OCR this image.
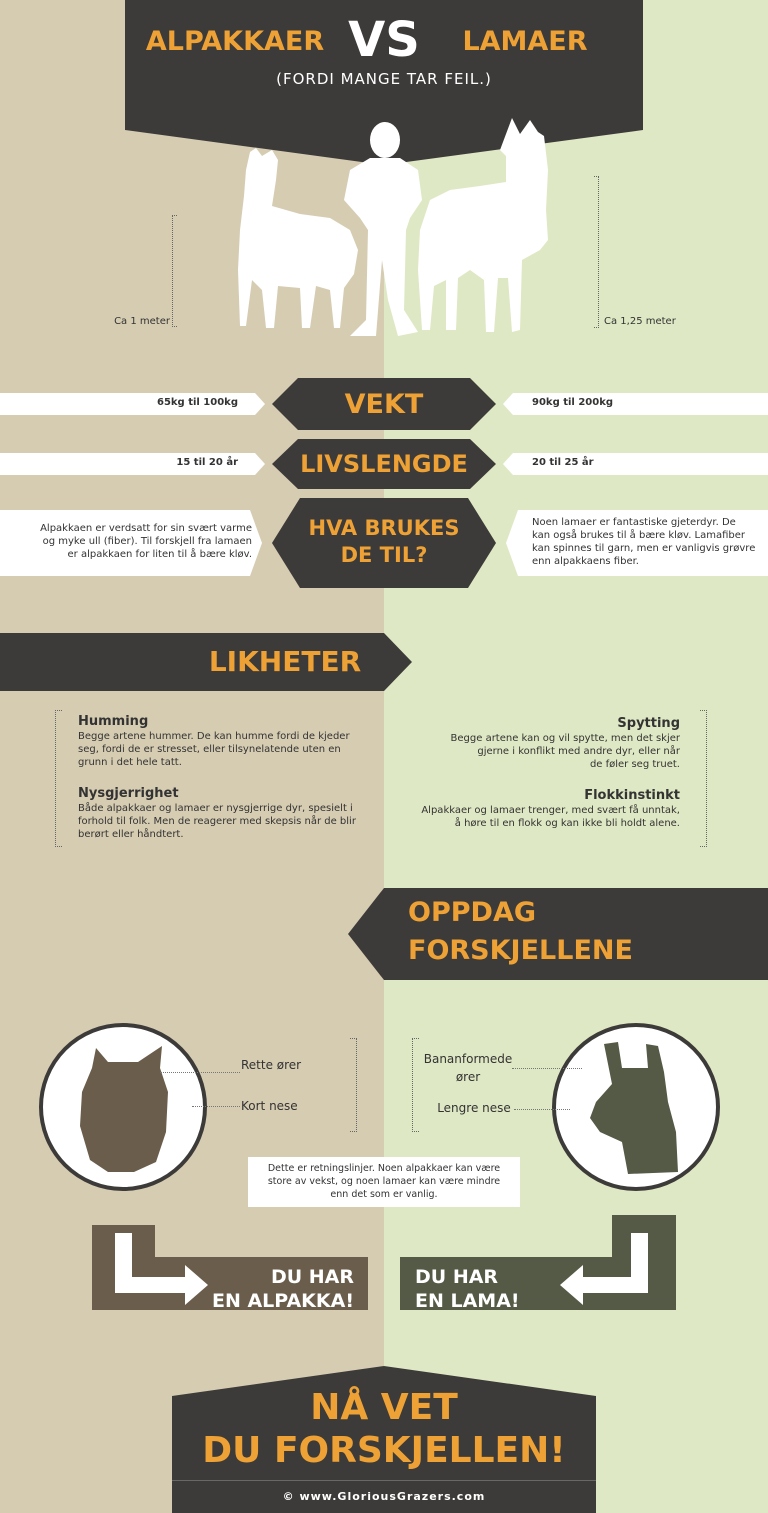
ALPAKKAER VS	LAMAER
(FORDI MANGE TAR FEIL.)
Ca 1 meter	Ca 1,25 meter
65kg til 100kg	VEKT	90kg til 200kg
15 til 20 år	LIVSLENGDE	20 til 25 år
Alpakkaen er verdsatt for sin svært varme
og myke ull (fiber). Til forskjell fra lamaen
er alpakkaen for liten til å bære kløv.
HVA BRUKES
DE TIL?
Noen lamaer er fantastiske gjeterdyr. De
kan også brukes til å bære kløv. Lamafiber
kan spinnes til garn, men er vanligvis grøvre
enn alpakkaens fiber.
LIKHETER
Humming
Begge artene hummer. De kan humme fordi de kjeder
seg, fordi de er stresset, eller tilsynelatende uten en
grunn i det hele tatt.
Nysgjerrighet
Både alpakkaer og lamaer er nysgjerrige dyr, spesielt i
forhold til folk. Men de reagerer med skepsis når de blir
berørt eller håndtert.
Spytting
Begge artene kan og vil spytte, men det skjer
gjerne i konflikt med andre dyr, eller når
de føler seg truet.
Flokkinstinkt
Alpakkaer og lamaer trenger, med svært få unntak,
å høre til en flokk og kan ikke bli holdt alene.
OPPDAG
FORSKJELLENE
Rette ører
Kort nese
Bananformede
ører
Lengre nese
Dette er retningslinjer. Noen alpakkaer kan være
store av vekst, og noen lamaer kan være mindre
enn det som er vanlig.
DU HAR
EN ALPAKKA!
DU HAR
EN LAMA!
NÅ VET
DU FORSKJELLEN!
© www.GloriousGrazers.com
